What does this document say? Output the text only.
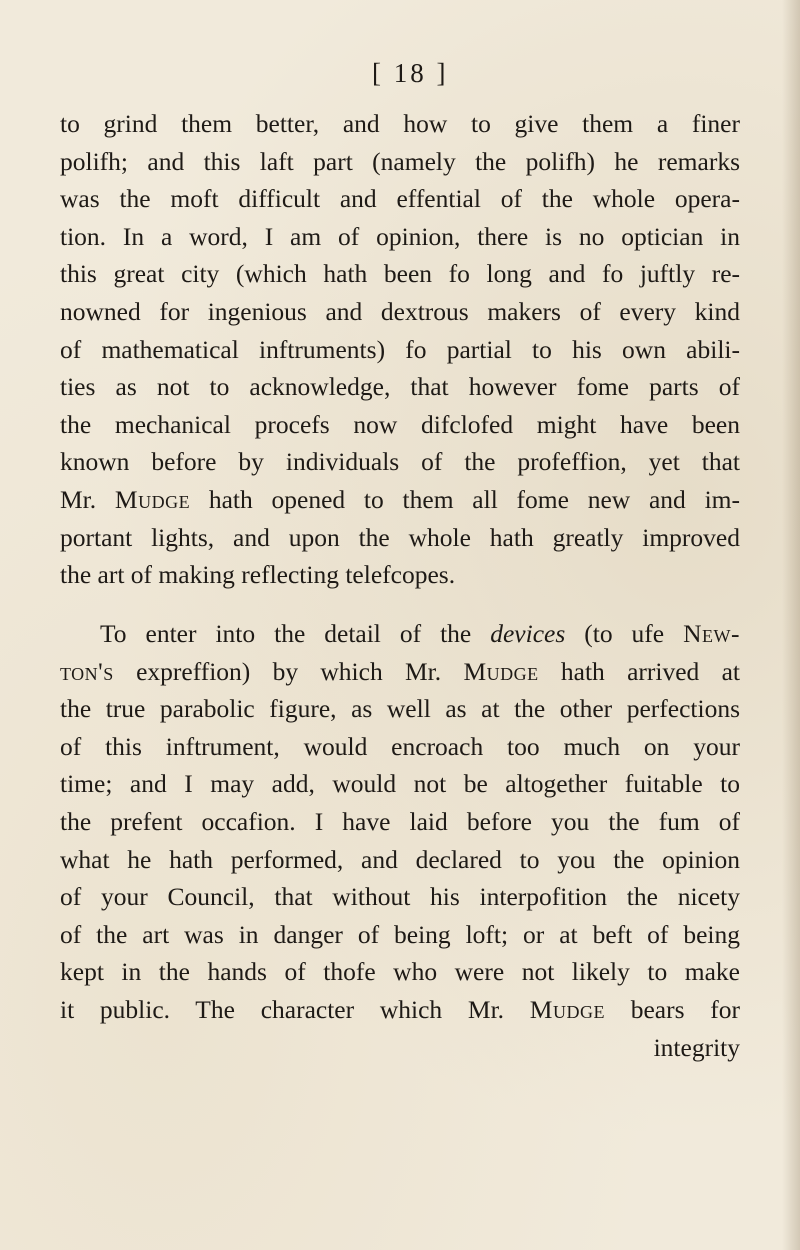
[ 18 ]
to grind them better, and how to give them a finer
polifh; and this laft part (namely the polifh) he remarks
was the moft difficult and effential of the whole opera-
tion. In a word, I am of opinion, there is no optician in
this great city (which hath been fo long and fo juftly re-
nowned for ingenious and dextrous makers of every kind
of mathematical inftruments) fo partial to his own abili-
ties as not to acknowledge, that however fome parts of
the mechanical procefs now difclofed might have been
known before by individuals of the profeffion, yet that
Mr. Mudge hath opened to them all fome new and im-
portant lights, and upon the whole hath greatly improved
the art of making reflecting telefcopes.
To enter into the detail of the devices (to ufe New-
ton's expreffion) by which Mr. Mudge hath arrived at
the true parabolic figure, as well as at the other perfections
of this inftrument, would encroach too much on your
time; and I may add, would not be altogether fuitable to
the prefent occafion. I have laid before you the fum of
what he hath performed, and declared to you the opinion
of your Council, that without his interpofition the nicety
of the art was in danger of being loft; or at beft of being
kept in the hands of thofe who were not likely to make
it public. The character which Mr. Mudge bears for
integrity
